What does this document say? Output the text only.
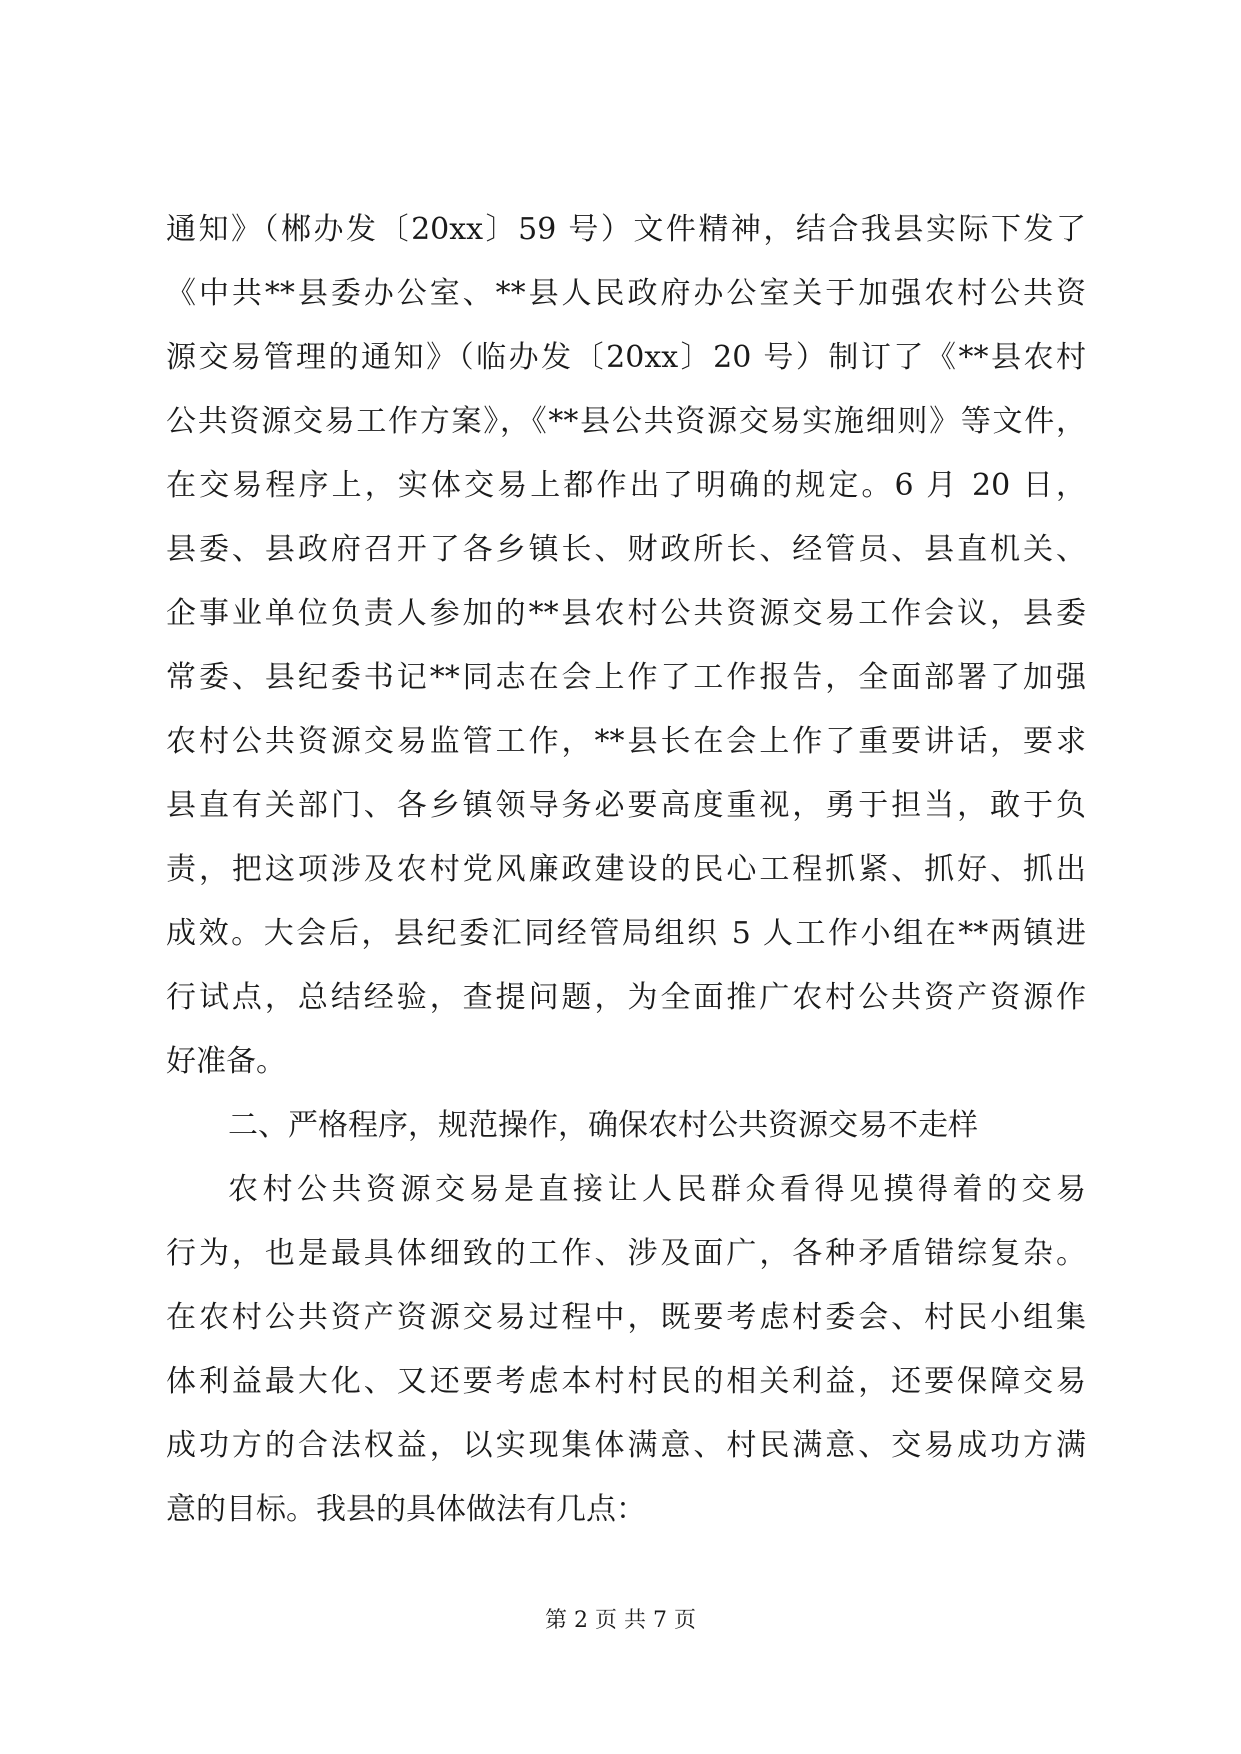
通知》（郴办发〔20xx〕59 号）文件精神，结合我县实际下发了
《中共**县委办公室、**县人民政府办公室关于加强农村公共资
源交易管理的通知》（临办发〔20xx〕20 号）制订了《**县农村
公共资源交易工作方案》，《**县公共资源交易实施细则》等文件，
在交易程序上，实体交易上都作出了明确的规定。6 月 20 日，
县委、县政府召开了各乡镇长、财政所长、经管员、县直机关、
企事业单位负责人参加的**县农村公共资源交易工作会议，县委
常委、县纪委书记**同志在会上作了工作报告，全面部署了加强
农村公共资源交易监管工作，**县长在会上作了重要讲话，要求
县直有关部门、各乡镇领导务必要高度重视，勇于担当，敢于负
责，把这项涉及农村党风廉政建设的民心工程抓紧、抓好、抓出
成效。大会后，县纪委汇同经管局组织 5 人工作小组在**两镇进
行试点，总结经验，查提问题，为全面推广农村公共资产资源作
好准备。
二、严格程序，规范操作，确保农村公共资源交易不走样
农村公共资源交易是直接让人民群众看得见摸得着的交易
行为，也是最具体细致的工作、涉及面广，各种矛盾错综复杂。
在农村公共资产资源交易过程中，既要考虑村委会、村民小组集
体利益最大化、又还要考虑本村村民的相关利益，还要保障交易
成功方的合法权益，以实现集体满意、村民满意、交易成功方满
意的目标。我县的具体做法有几点：
第 2 页 共 7 页
